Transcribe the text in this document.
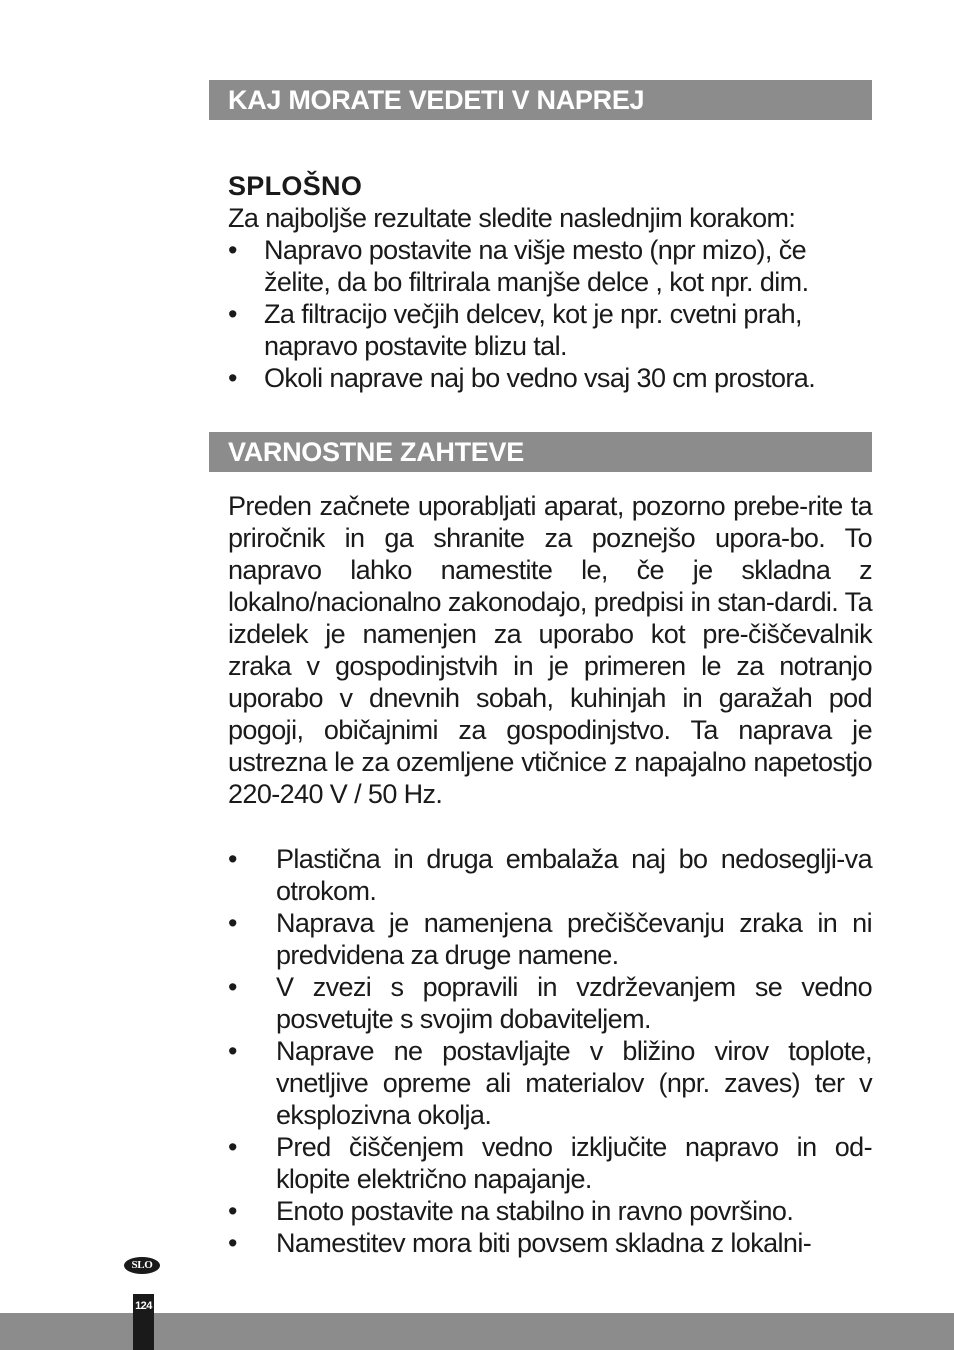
KAJ MORATE VEDETI V NAPREJ
SPLOŠNO
Za najboljše rezultate sledite naslednjim korakom:
• Napravo postavite na višje mesto (npr mizo), če želite, da bo filtrirala manjše delce , kot npr. dim.
• Za filtracijo večjih delcev, kot je npr. cvetni prah, napravo postavite blizu tal.
• Okoli naprave naj bo vedno vsaj 30 cm prostora.
VARNOSTNE ZAHTEVE
Preden začnete uporabljati aparat, pozorno prebe-rite ta priročnik in ga shranite za poznejšo upora-bo. To napravo lahko namestite le, če je skladna z lokalno/nacionalno zakonodajo, predpisi in stan-dardi. Ta izdelek je namenjen za uporabo kot pre-čiščevalnik zraka v gospodinjstvih in je primeren le za notranjo uporabo v dnevnih sobah, kuhinjah in garažah pod pogoji, običajnimi za gospodinjstvo. Ta naprava je ustrezna le za ozemljene vtičnice z napajalno napetostjo 220-240 V / 50 Hz.
• Plastična in druga embalaža naj bo nedosеglji-va otrokom.
• Naprava je namenjena prečiščevanju zraka in ni predvidena za druge namene.
• V zvezi s popravili in vzdrževanjem se vedno posvetujte s svojim dobaviteljem.
• Naprave ne postavljajte v bližino virov toplote, vnetljive opreme ali materialov (npr. zaves) ter v eksplozivna okolja.
• Pred čiščenjem vedno izključite napravo in od-klopite električno napajanje.
• Enoto postavite na stabilno in ravno površino.
• Namestitev mora biti povsem skladna z lokalni-
SLO
124
